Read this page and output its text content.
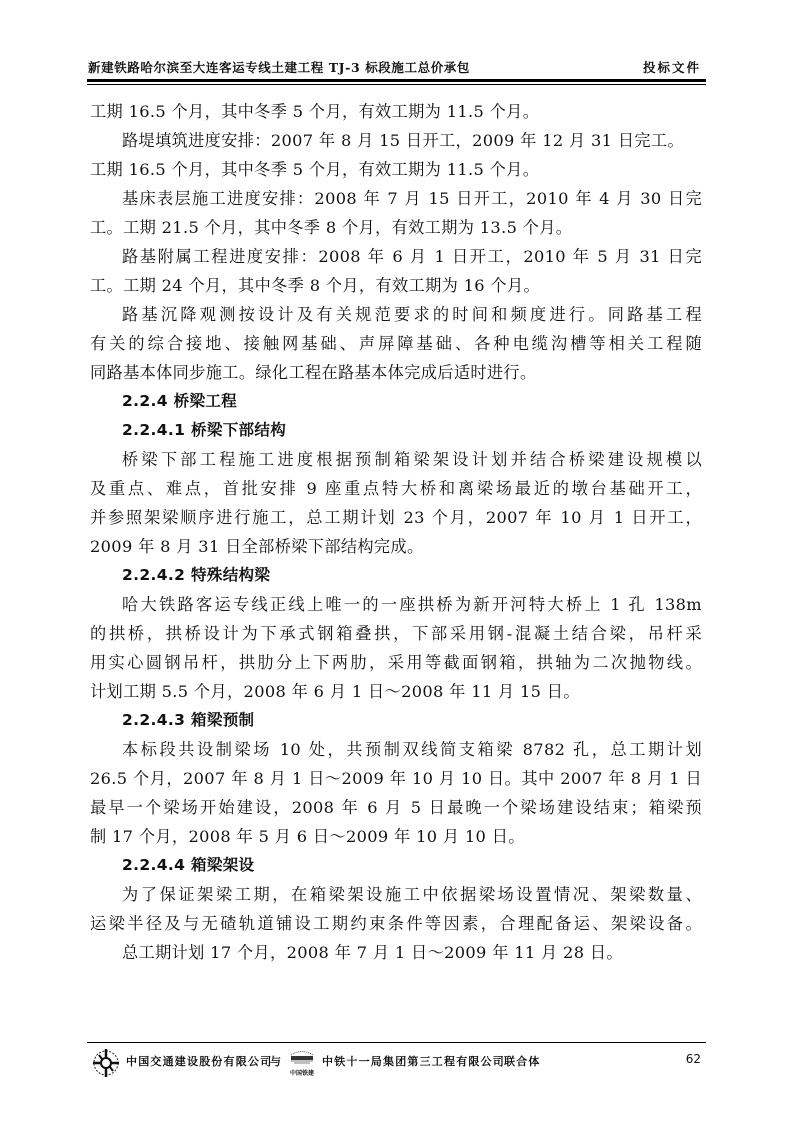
新建铁路哈尔滨至大连客运专线土建工程 TJ-3 标段施工总价承包	投标文件
工期 16.5 个月，其中冬季 5 个月，有效工期为 11.5 个月。
路堤填筑进度安排：2007 年 8 月 15 日开工，2009 年 12 月 31 日完工。
工期 16.5 个月，其中冬季 5 个月，有效工期为 11.5 个月。
基床表层施工进度安排：2008 年 7 月 15 日开工，2010 年 4 月 30 日完
工。工期 21.5 个月，其中冬季 8 个月，有效工期为 13.5 个月。
路基附属工程进度安排：2008 年 6 月 1 日开工，2010 年 5 月 31 日完
工。工期 24 个月，其中冬季 8 个月，有效工期为 16 个月。
路基沉降观测按设计及有关规范要求的时间和频度进行。同路基工程
有关的综合接地、接触网基础、声屏障基础、各种电缆沟槽等相关工程随
同路基本体同步施工。绿化工程在路基本体完成后适时进行。
2.2.4 桥梁工程
2.2.4.1 桥梁下部结构
桥梁下部工程施工进度根据预制箱梁架设计划并结合桥梁建设规模以
及重点、难点，首批安排 9 座重点特大桥和离梁场最近的墩台基础开工，
并参照架梁顺序进行施工，总工期计划 23 个月，2007 年 10 月 1 日开工，
2009 年 8 月 31 日全部桥梁下部结构完成。
2.2.4.2 特殊结构梁
哈大铁路客运专线正线上唯一的一座拱桥为新开河特大桥上 1 孔 138m
的拱桥，拱桥设计为下承式钢箱叠拱，下部采用钢-混凝土结合梁，吊杆采
用实心圆钢吊杆，拱肋分上下两肋，采用等截面钢箱，拱轴为二次抛物线。
计划工期 5.5 个月，2008 年 6 月 1 日～2008 年 11 月 15 日。
2.2.4.3 箱梁预制
本标段共设制梁场 10 处，共预制双线简支箱梁 8782 孔，总工期计划
26.5 个月，2007 年 8 月 1 日～2009 年 10 月 10 日。其中 2007 年 8 月 1 日
最早一个梁场开始建设，2008 年 6 月 5 日最晚一个梁场建设结束；箱梁预
制 17 个月，2008 年 5 月 6 日～2009 年 10 月 10 日。
2.2.4.4 箱梁架设
为了保证架梁工期，在箱梁架设施工中依据梁场设置情况、架梁数量、
运梁半径及与无碴轨道铺设工期约束条件等因素，合理配备运、架梁设备。
总工期计划 17 个月，2008 年 7 月 1 日～2009 年 11 月 28 日。
中国交通建设股份有限公司
与
中国铁建
中铁十一局集团第三工程有限公司 联合体	62
